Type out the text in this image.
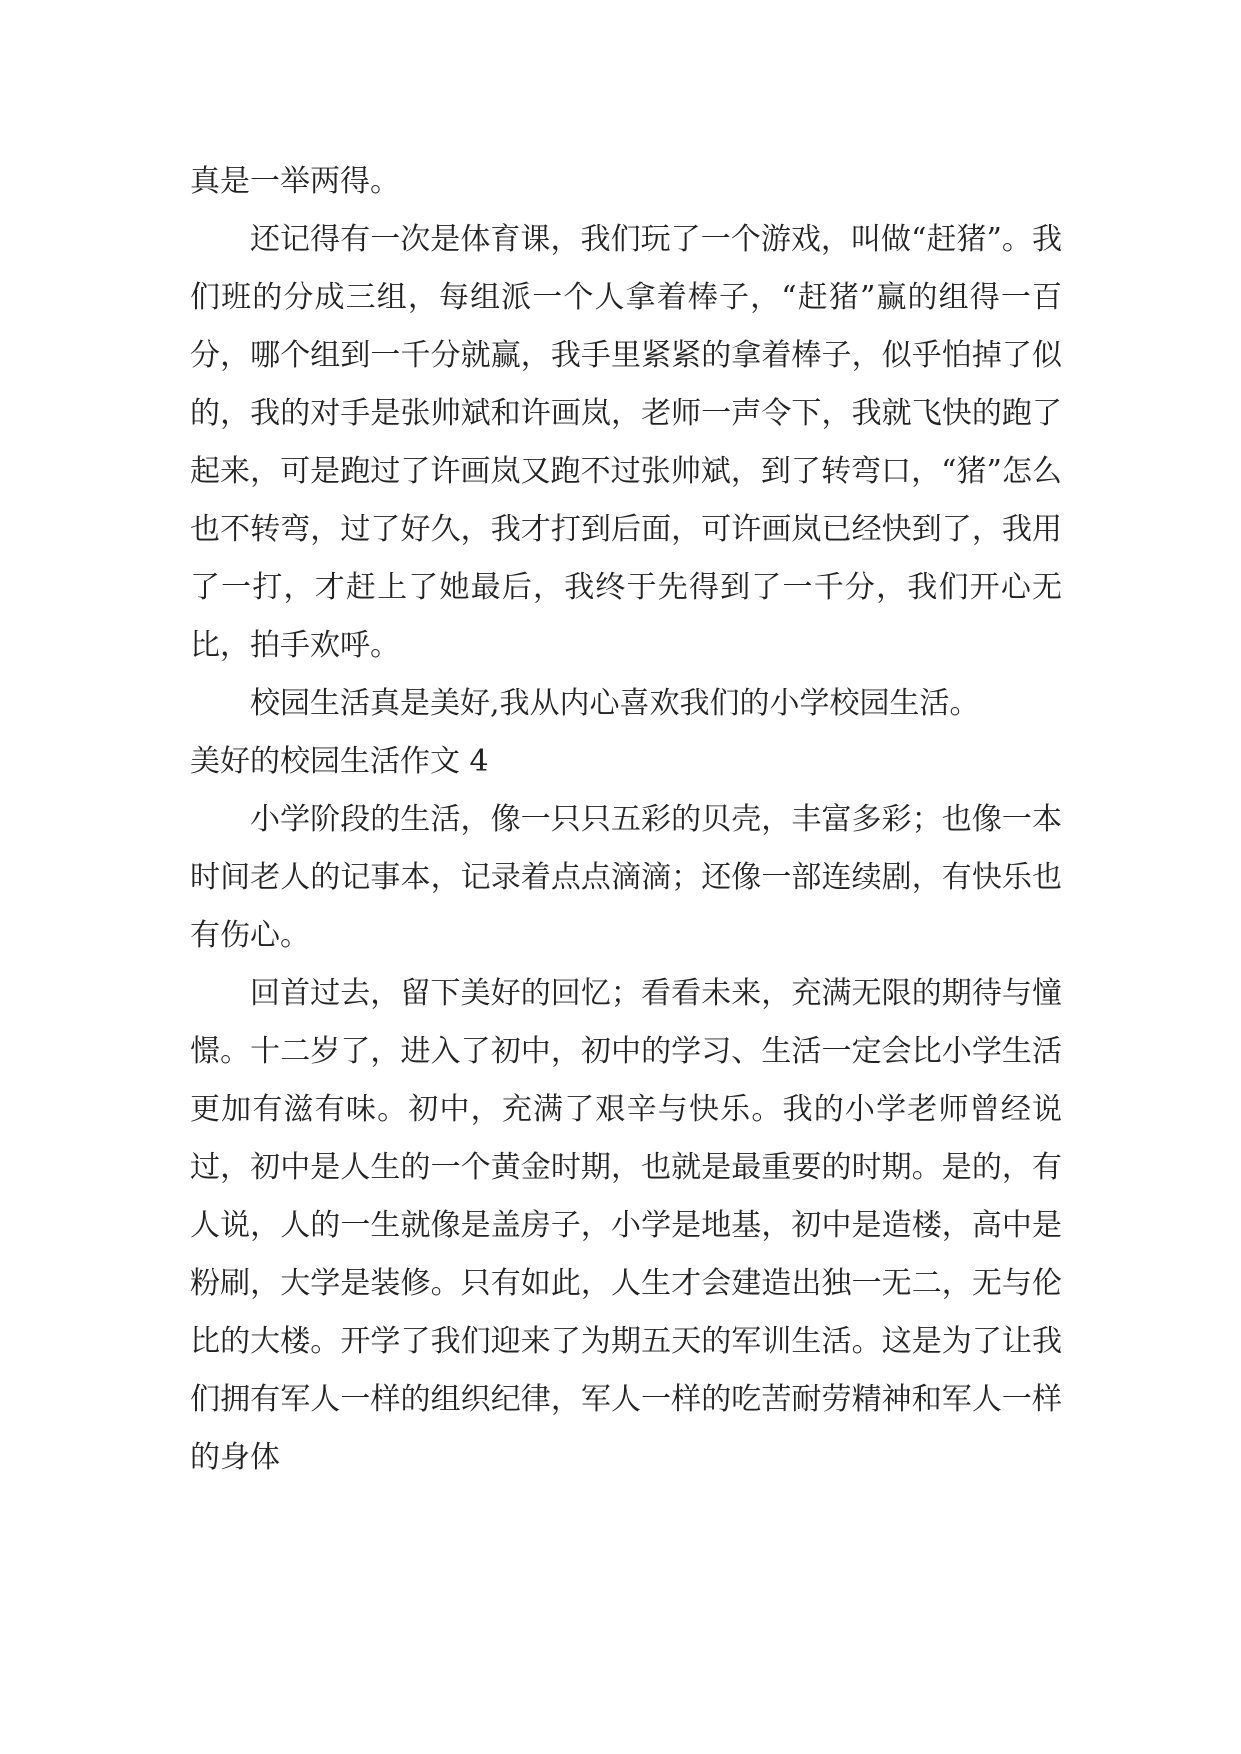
真是一举两得。

还记得有一次是体育课，我们玩了一个游戏，叫做“赶猪”。我们班的分成三组，每组派一个人拿着棒子，“赶猪”赢的组得一百分，哪个组到一千分就赢，我手里紧紧的拿着棒子，似乎怕掉了似的，我的对手是张帅斌和许画岚，老师一声令下，我就飞快的跑了起来，可是跑过了许画岚又跑不过张帅斌，到了转弯口，“猪”怎么也不转弯，过了好久，我才打到后面，可许画岚已经快到了，我用了一打，才赶上了她最后，我终于先得到了一千分，我们开心无比，拍手欢呼。

校园生活真是美好,我从内心喜欢我们的小学校园生活。

美好的校园生活作文 4

小学阶段的生活，像一只只五彩的贝壳，丰富多彩；也像一本时间老人的记事本，记录着点点滴滴；还像一部连续剧，有快乐也有伤心。

回首过去，留下美好的回忆；看看未来，充满无限的期待与憧憬。十二岁了，进入了初中，初中的学习、生活一定会比小学生活更加有滋有味。初中，充满了艰辛与快乐。我的小学老师曾经说过，初中是人生的一个黄金时期，也就是最重要的时期。是的，有人说，人的一生就像是盖房子，小学是地基，初中是造楼，高中是粉刷，大学是装修。只有如此，人生才会建造出独一无二，无与伦比的大楼。开学了我们迎来了为期五天的军训生活。这是为了让我们拥有军人一样的组织纪律，军人一样的吃苦耐劳精神和军人一样的身体
